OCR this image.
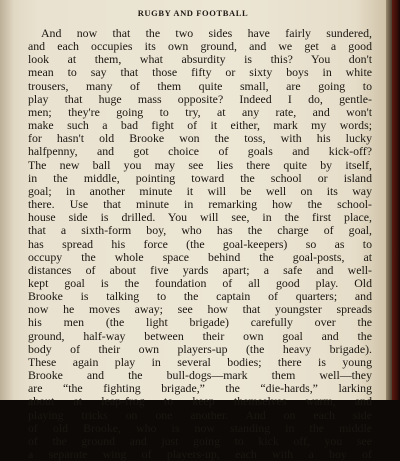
RUGBY AND FOOTBALL
And now that the two sides have fairly sundered,
and each occupies its own ground, and we get a good
look at them, what absurdity is this? You don't
mean to say that those fifty or sixty boys in white
trousers, many of them quite small, are going to
play that huge mass opposite? Indeed I do, gentle-
men; they're going to try, at any rate, and won't
make such a bad fight of it either, mark my words;
for hasn't old Brooke won the toss, with his lucky
halfpenny, and got choice of goals and kick-off?
The new ball you may see lies there quite by itself,
in the middle, pointing toward the school or island
goal; in another minute it will be well on its way
there. Use that minute in remarking how the school-
house side is drilled. You will see, in the first place,
that a sixth-form boy, who has the charge of goal,
has spread his force (the goal-keepers) so as to
occupy the whole space behind the goal-posts, at
distances of about five yards apart; a safe and well-
kept goal is the foundation of all good play. Old
Brooke is talking to the captain of quarters; and
now he moves away; see how that youngster spreads
his men (the light brigade) carefully over the
ground, half-way between their own goal and the
body of their own players-up (the heavy brigade).
These again play in several bodies; there is young
Brooke and the bull-dogs—mark them well—they
are “the fighting brigade,” the “die-hards,” larking
about at leap-frog to keep themselves warm, and
playing tricks on one another. And on each side
of old Brooke, who is now standing in the middle
of the ground and just going to kick off, you see
a separate wing of players-up, each with a boy of
